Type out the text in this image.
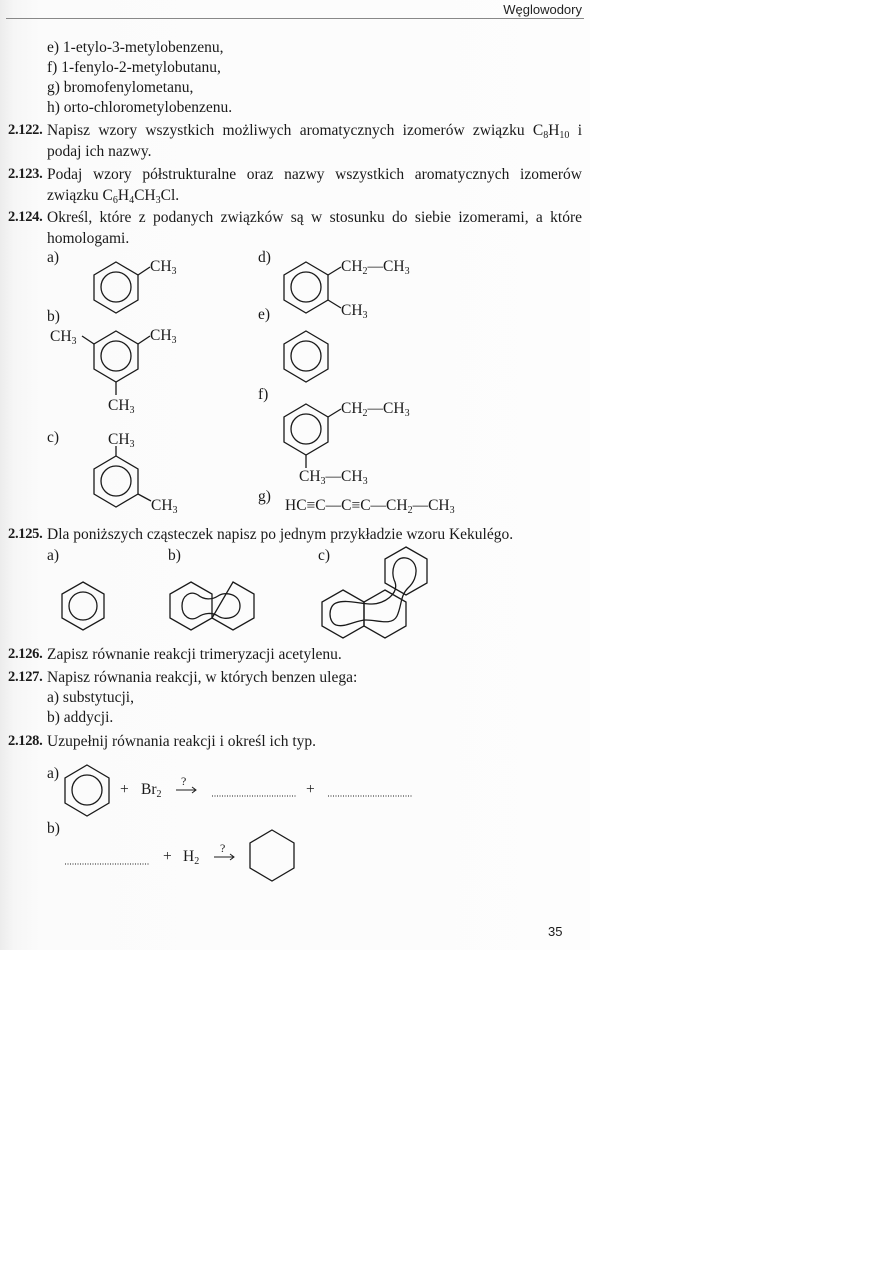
Węglowodory
e) 1-etylo-3-metylobenzenu,
f) 1-fenylo-2-metylobutanu,
g) bromofenylometanu,
h) orto-chlorometylobenzenu.
2.122. Napisz wzory wszystkich możliwych aromatycznych izomerów związku $C_8H_{10}$ i podaj ich nazwy.
2.123. Podaj wzory półstrukturalne oraz nazwy wszystkich aromatycznych izomerów związku $C_6H_4CH_3Cl$.
2.124. Określ, które z podanych związków są w stosunku do siebie izomerami, a które homologami.
a)
$CH_3$
b)
$CH_3$	$CH_3$
$CH_3$
c)	$CH_3$
$CH_3$
d)
$CH_2—CH_3$
$CH_3$
e)
f)
$CH_2—CH_3$
$CH_3—CH_3$
g)
$HC\equiv C—C\equiv C—CH_2—CH_3$
2.125. Dla poniższych cząsteczek napisz po jednym przykładzie wzoru Kekulégo.
a)	b)	c)
2.126. Zapisz równanie reakcji trimeryzacji acetylenu.
2.127. Napisz równania reakcji, w których benzen ulega:
a) substytucji,
b) addycji.
2.128. Uzupełnij równania reakcji i określ ich typ.
a)
b)
+ $Br_2$
?	+
+ $H_2$
?
35
